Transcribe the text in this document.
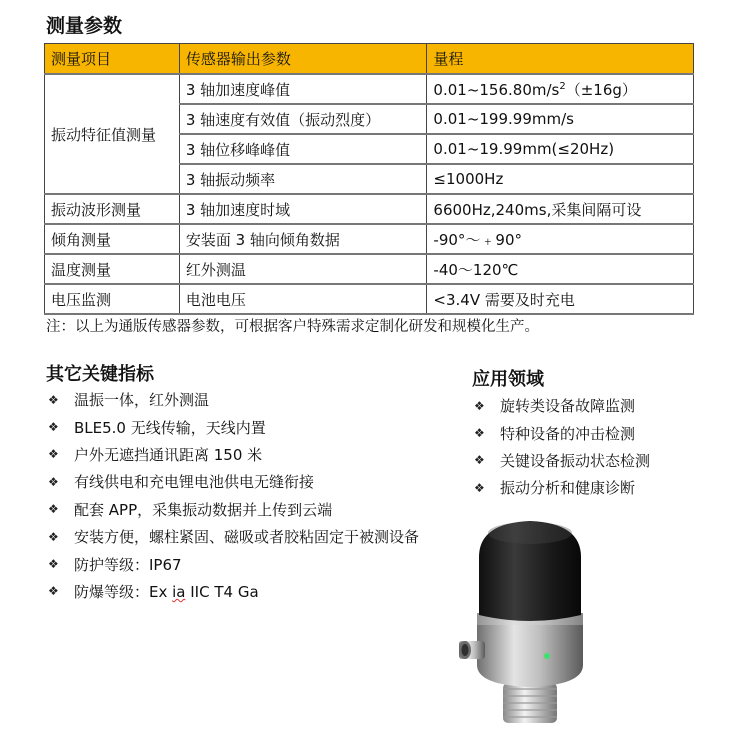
测量参数
测量项目	传感器输出参数	量程
振动特征值测量	3 轴加速度峰值	$0.01\sim 156.80m/s^2(\pm 16g)$
	3 轴速度有效值（振动烈度）	0.01~199.99mm/s
	3 轴位移峰峰值	0.01~19.99mm(≤20Hz)
	3 轴振动频率	≤1000Hz
振动波形测量	3 轴加速度时域	6600Hz,240ms,采集间隔可设
倾角测量	安装面 3 轴向倾角数据	-90°～﹢90°
温度测量	红外测温	-40～120℃
电压监测	电池电压	<3.4V 需要及时充电
注：以上为通版传感器参数，可根据客户特殊需求定制化研发和规模化生产。
其它关键指标
❖	温振一体，红外测温
❖	BLE5.0 无线传输，天线内置
❖	户外无遮挡通讯距离 150 米
❖	有线供电和充电锂电池供电无缝衔接
❖	配套 APP，采集振动数据并上传到云端
❖	安装方便，螺柱紧固、磁吸或者胶粘固定于被测设备
❖	防护等级：IP67
❖	防爆等级：Ex ia IIC T4 Ga
应用领域
❖	旋转类设备故障监测
❖	特种设备的冲击检测
❖	关键设备振动状态检测
❖	振动分析和健康诊断
